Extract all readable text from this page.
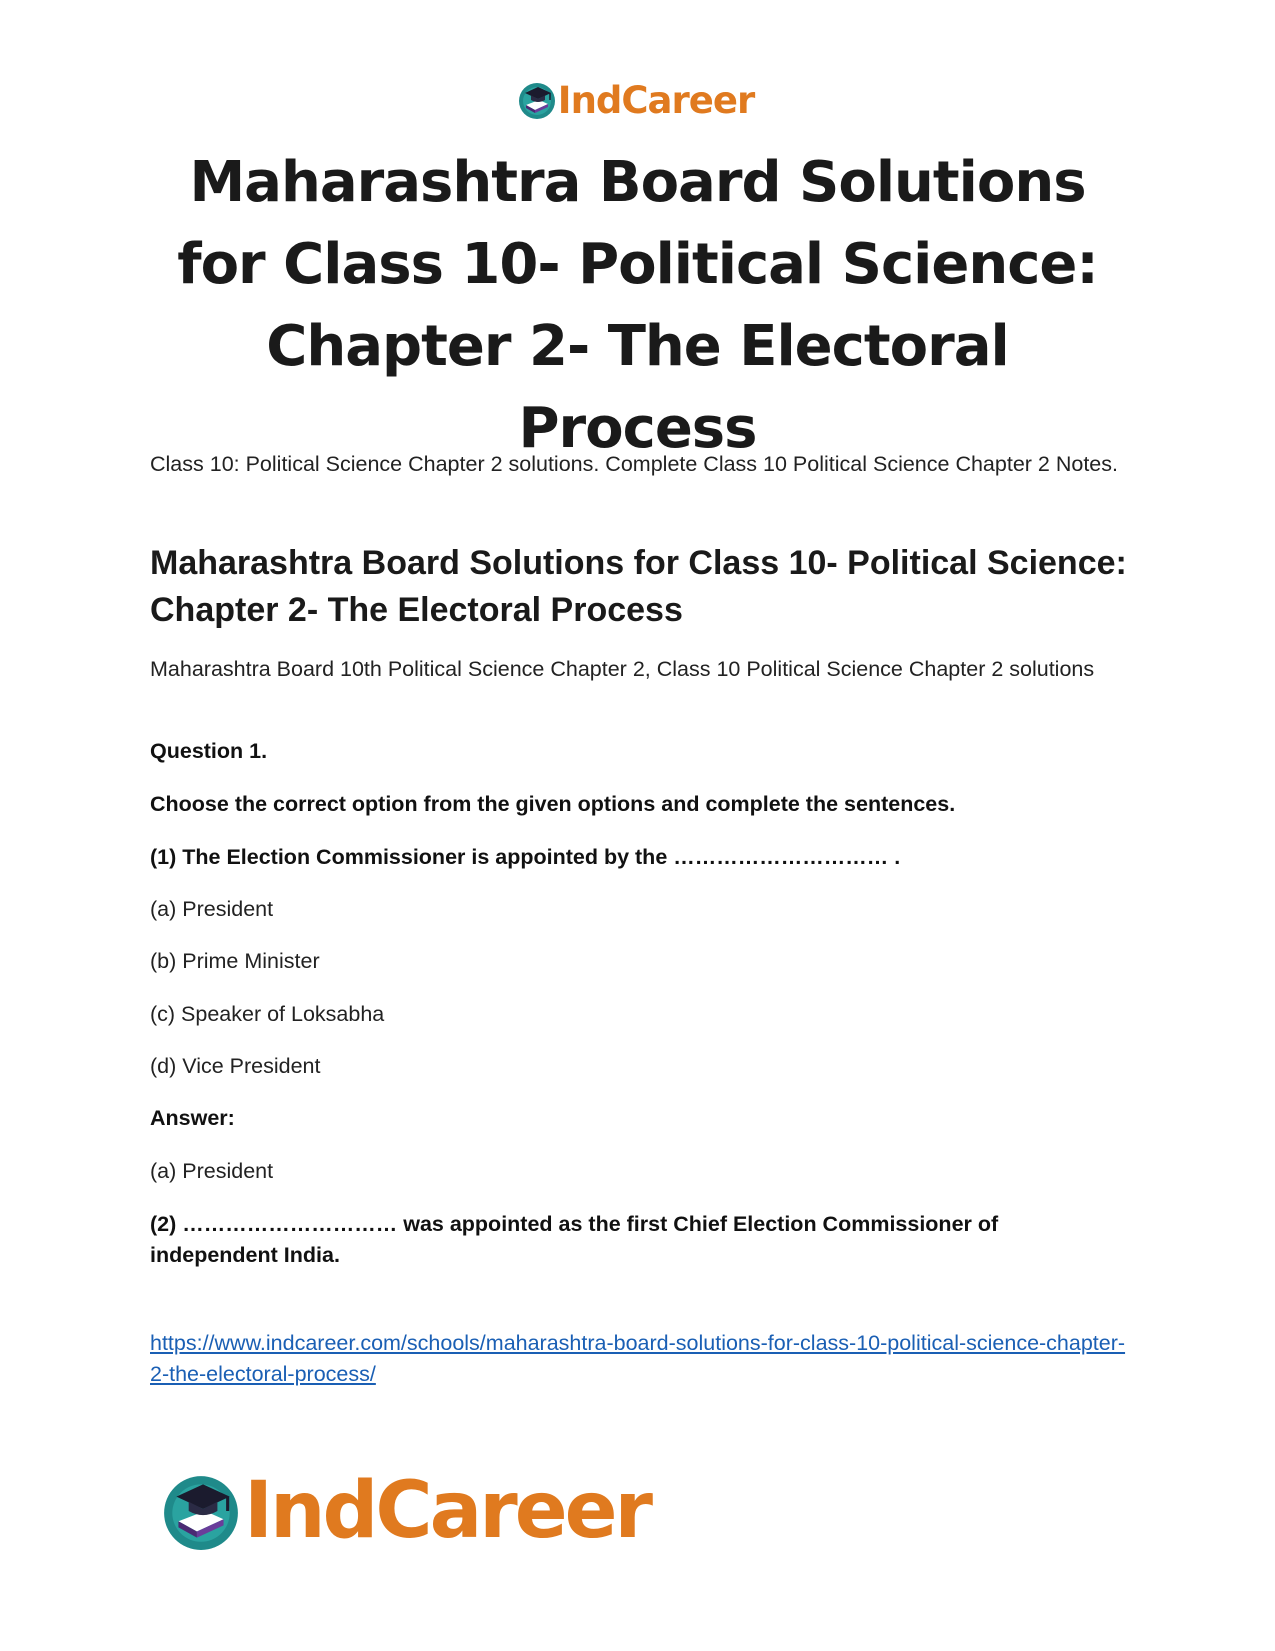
IndCareer
Maharashtra Board Solutions for Class 10- Political Science: Chapter 2- The Electoral Process

Class 10: Political Science Chapter 2 solutions. Complete Class 10 Political Science Chapter 2 Notes.

Maharashtra Board Solutions for Class 10- Political Science: Chapter 2- The Electoral Process

Maharashtra Board 10th Political Science Chapter 2, Class 10 Political Science Chapter 2 solutions

Question 1.

Choose the correct option from the given options and complete the sentences.

(1) The Election Commissioner is appointed by the ………………………… .

(a) President

(b) Prime Minister

(c) Speaker of Loksabha

(d) Vice President

Answer:

(a) President

(2) ………………………… was appointed as the first Chief Election Commissioner of independent India.

https://www.indcareer.com/schools/maharashtra-board-solutions-for-class-10-political-science-chapter-2-the-electoral-process/
IndCareer
